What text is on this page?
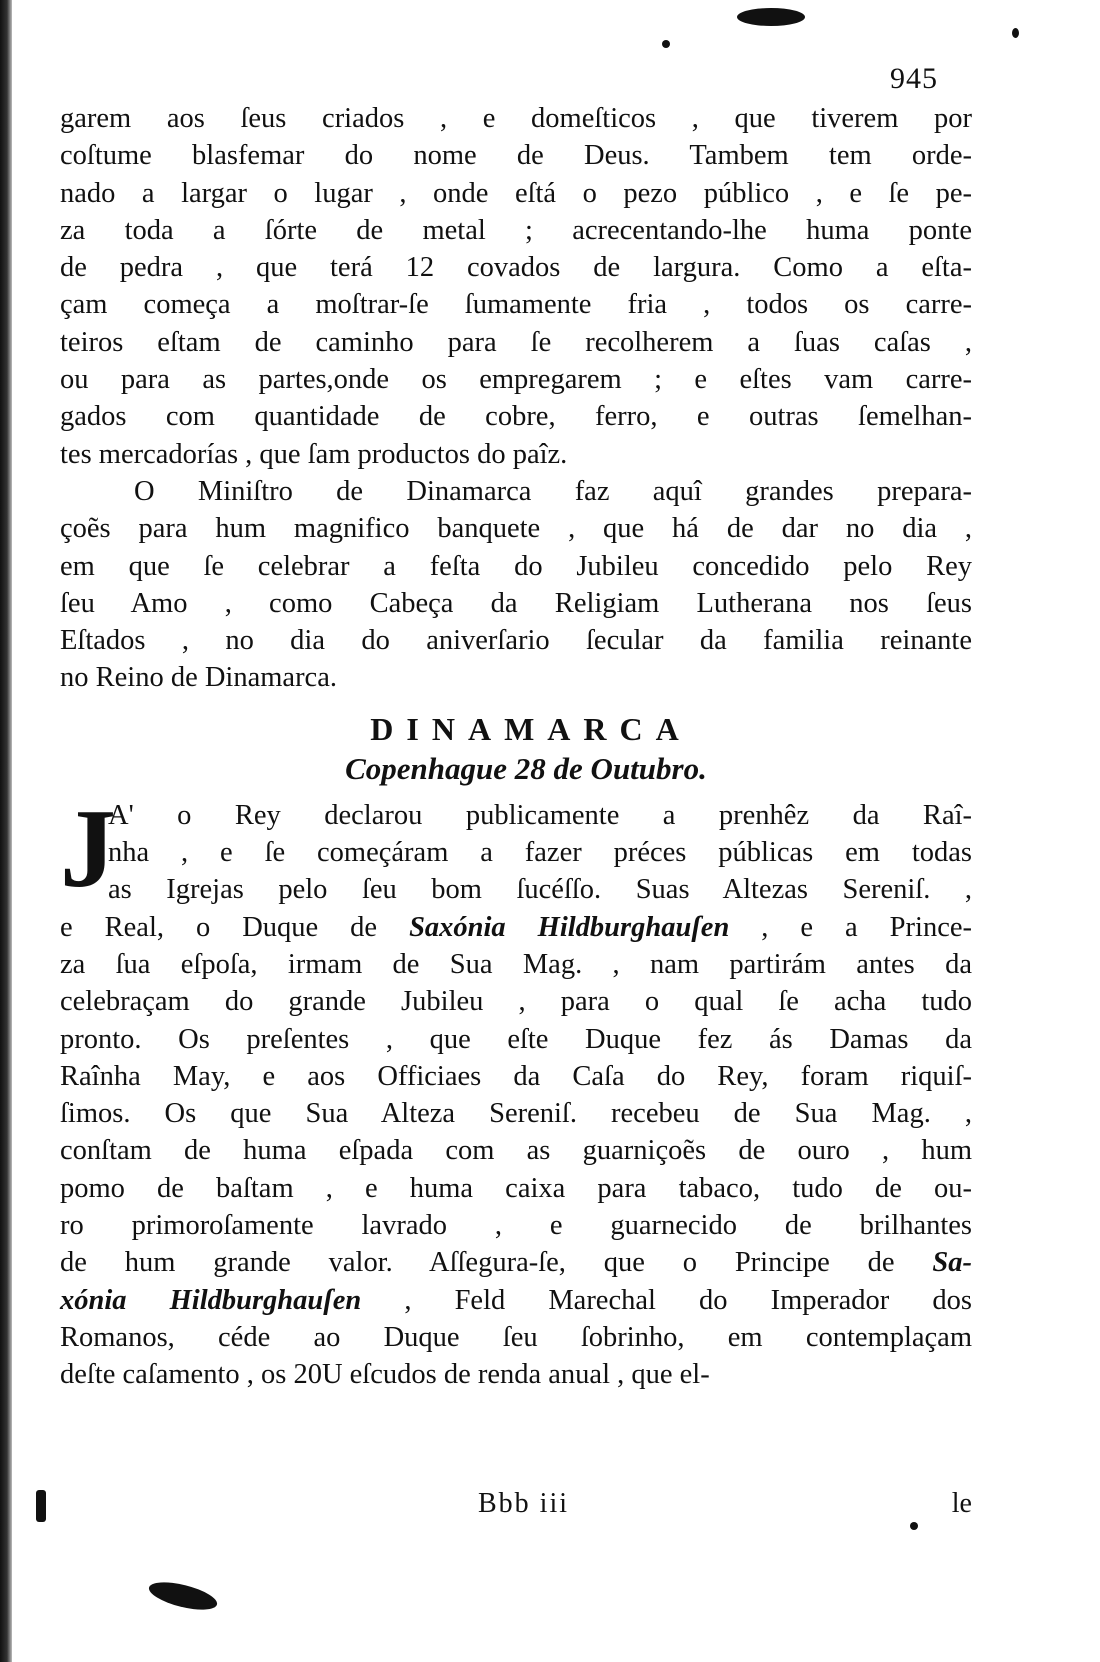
945
garem aos ſeus criados , e domeſticos , que tiverem por
coſtume blasfemar do nome de Deus. Tambem tem orde-
nado a largar o lugar , onde eſtá o pezo público , e ſe pe-
za toda a ſórte de metal ; acrecentando-lhe huma ponte
de pedra , que terá 12 covados de largura. Como a eſta-
çam começa a moſtrar-ſe ſumamente fria , todos os carre-
teiros eſtam de caminho para ſe recolherem a ſuas caſas ,
ou para as partes,onde os empregarem ; e eſtes vam carre-
gados com quantidade de cobre, ferro, e outras ſemelhan-
tes mercadorías , que ſam productos do paîz.
O Miniſtro de Dinamarca faz aquî grandes prepara-
çoẽs para hum magnifico banquete , que há de dar no dia ,
em que ſe celebrar a feſta do Jubileu concedido pelo Rey
ſeu Amo , como Cabeça da Religiam Lutherana nos ſeus
Eſtados , no dia do aniverſario ſecular da familia reinante
no Reino de Dinamarca.
DINAMARCA
Copenhague 28 de Outubro.
J
A' o Rey declarou publicamente a prenhêz da Raî-
nha , e ſe começáram a fazer préces públicas em todas
as Igrejas pelo ſeu bom ſucéſſo. Suas Altezas Sereniſ. ,
e Real, o Duque de Saxónia Hildburghauſen , e a Prince-
za ſua eſpoſa, irmam de Sua Mag. , nam partirám antes da
celebraçam do grande Jubileu , para o qual ſe acha tudo
pronto. Os preſentes , que eſte Duque fez ás Damas da
Raînha May, e aos Officiaes da Caſa do Rey, foram riquiſ-
ſimos. Os que Sua Alteza Sereniſ. recebeu de Sua Mag. ,
conſtam de huma eſpada com as guarniçoẽs de ouro , hum
pomo de baſtam , e huma caixa para tabaco, tudo de ou-
ro primoroſamente lavrado , e guarnecido de brilhantes
de hum grande valor. Aſſegura-ſe, que o Principe de Sa-
xónia Hildburghauſen , Feld Marechal do Imperador dos
Romanos, céde ao Duque ſeu ſobrinho, em contemplaçam
deſte caſamento , os 20U eſcudos de renda anual , que el-
Bbb iii	le
